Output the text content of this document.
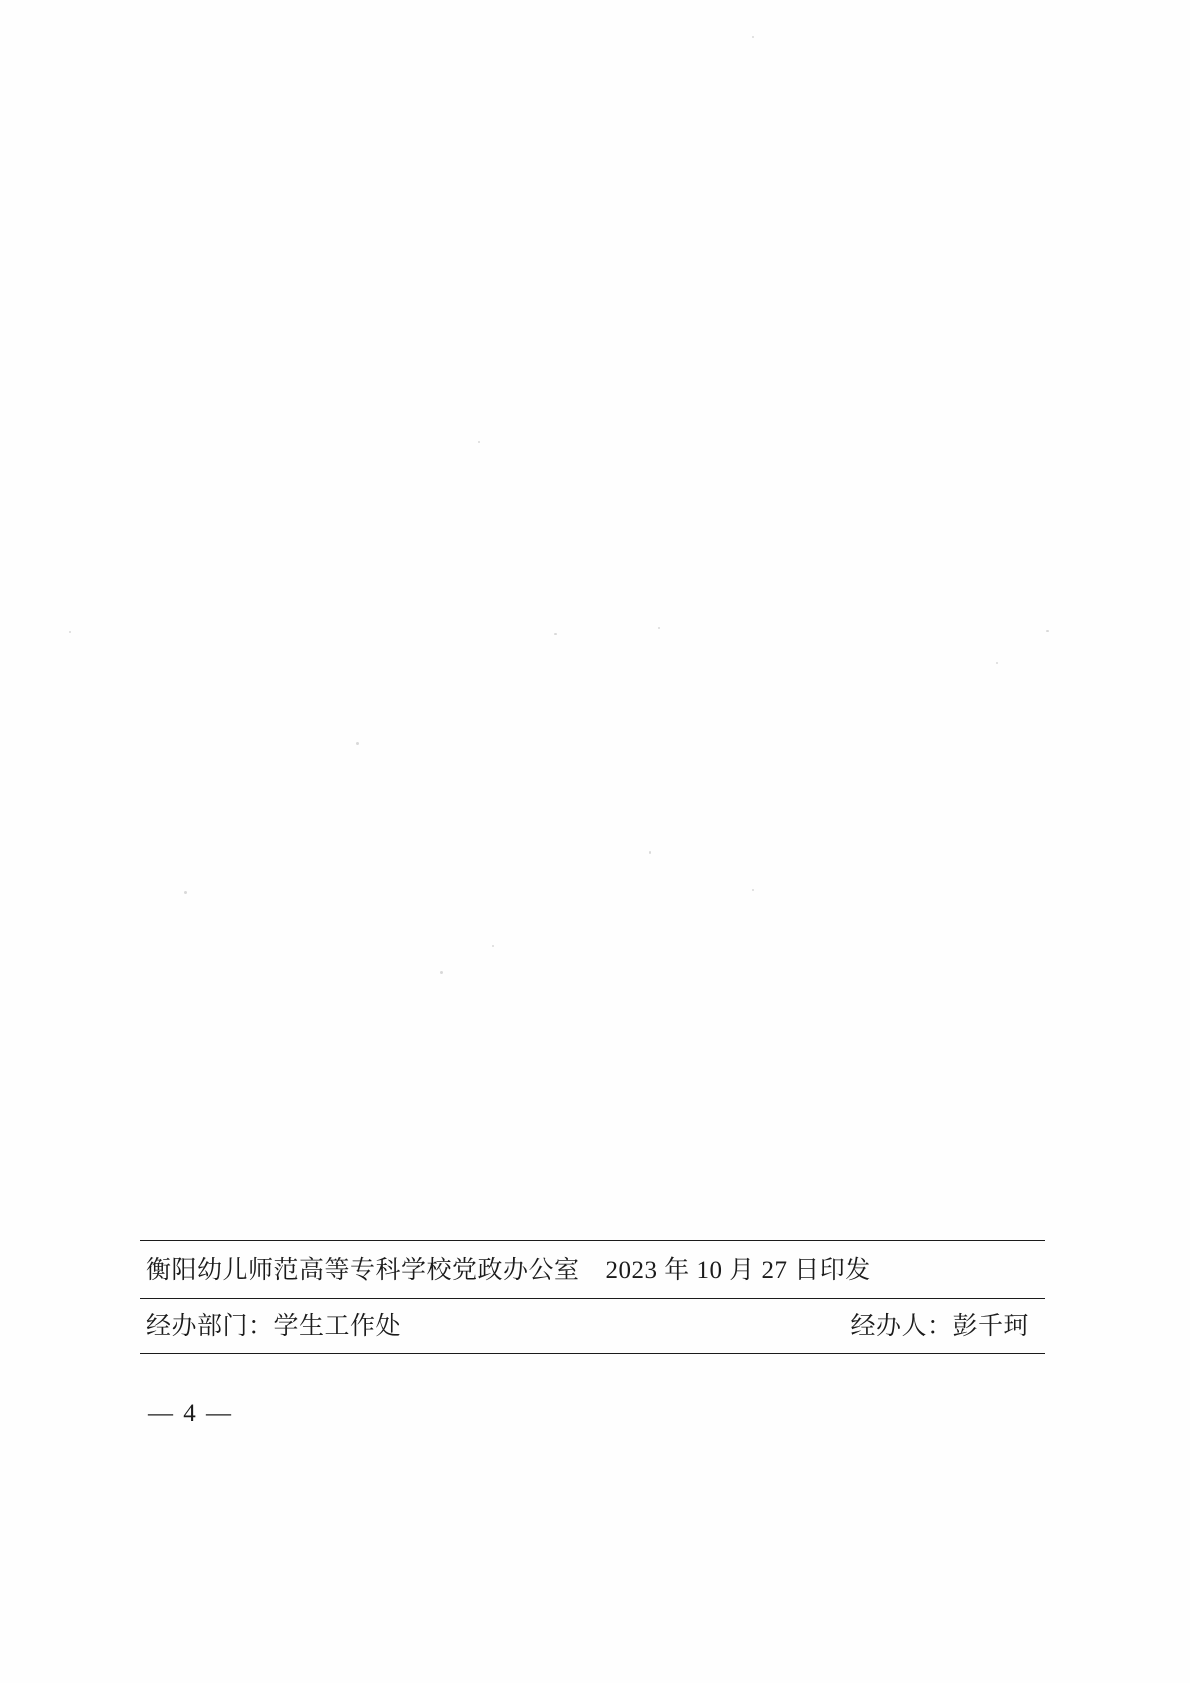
衡阳幼儿师范高等专科学校党政办公室 2023 年 10 月 27 日印发
经办部门：学生工作处	经办人：彭千珂
— 4 —
